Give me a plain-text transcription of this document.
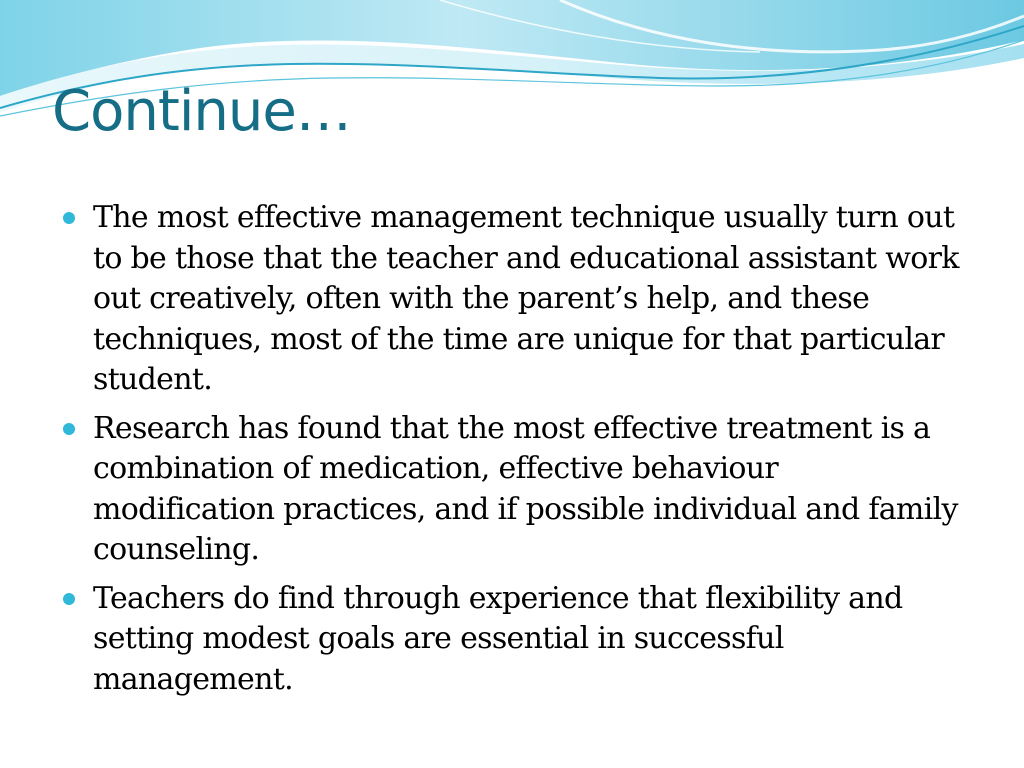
Continue…
The most effective management technique usually turn out to be those that the teacher and educational assistant work out creatively, often with the parent’s help, and these techniques, most of the time are unique for that particular student.
Research has found that the most effective treatment is a combination of medication, effective behaviour modification practices, and if possible individual and family counseling.
Teachers do find through experience that flexibility and setting modest goals are essential in successful management.
